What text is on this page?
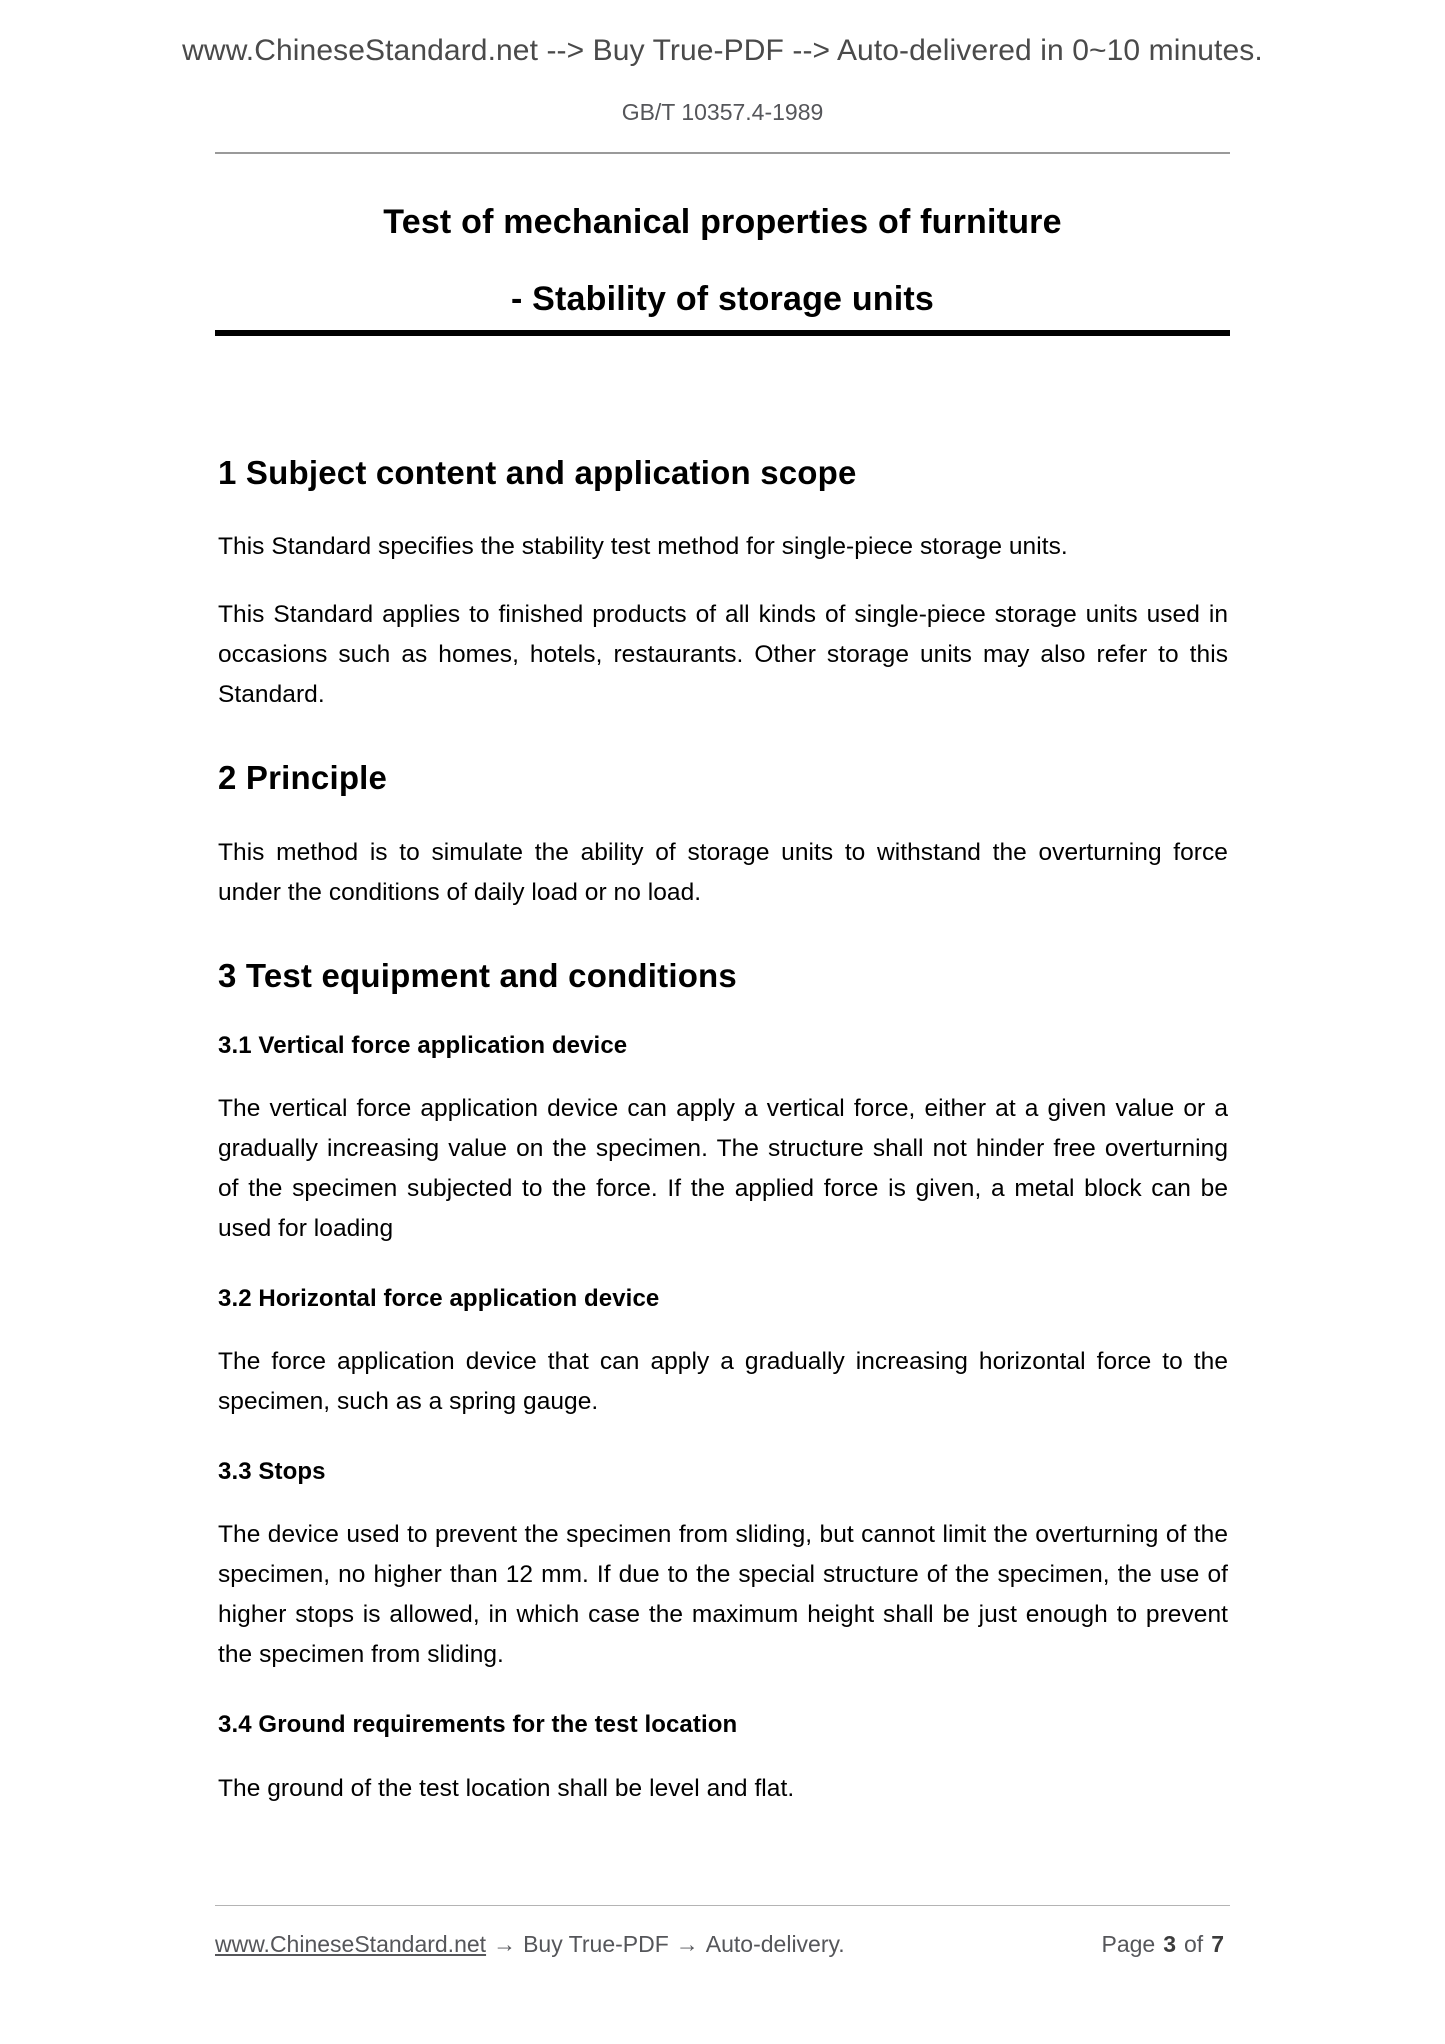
www.ChineseStandard.net --> Buy True-PDF --> Auto-delivered in 0~10 minutes.
GB/T 10357.4-1989
Test of mechanical properties of furniture
- Stability of storage units
1 Subject content and application scope

This Standard specifies the stability test method for single-piece storage units.

This Standard applies to finished products of all kinds of single-piece storage units used in occasions such as homes, hotels, restaurants. Other storage units may also refer to this Standard.

2 Principle

This method is to simulate the ability of storage units to withstand the overturning force under the conditions of daily load or no load.

3 Test equipment and conditions
3.1 Vertical force application device

The vertical force application device can apply a vertical force, either at a given value or a gradually increasing value on the specimen. The structure shall not hinder free overturning of the specimen subjected to the force. If the applied force is given, a metal block can be used for loading

3.2 Horizontal force application device

The force application device that can apply a gradually increasing horizontal force to the specimen, such as a spring gauge.

3.3 Stops

The device used to prevent the specimen from sliding, but cannot limit the overturning of the specimen, no higher than 12 mm. If due to the special structure of the specimen, the use of higher stops is allowed, in which case the maximum height shall be just enough to prevent the specimen from sliding.

3.4 Ground requirements for the test location

The ground of the test location shall be level and flat.

www.ChineseStandard.net → Buy True-PDF → Auto-delivery.	Page 3 of 7
